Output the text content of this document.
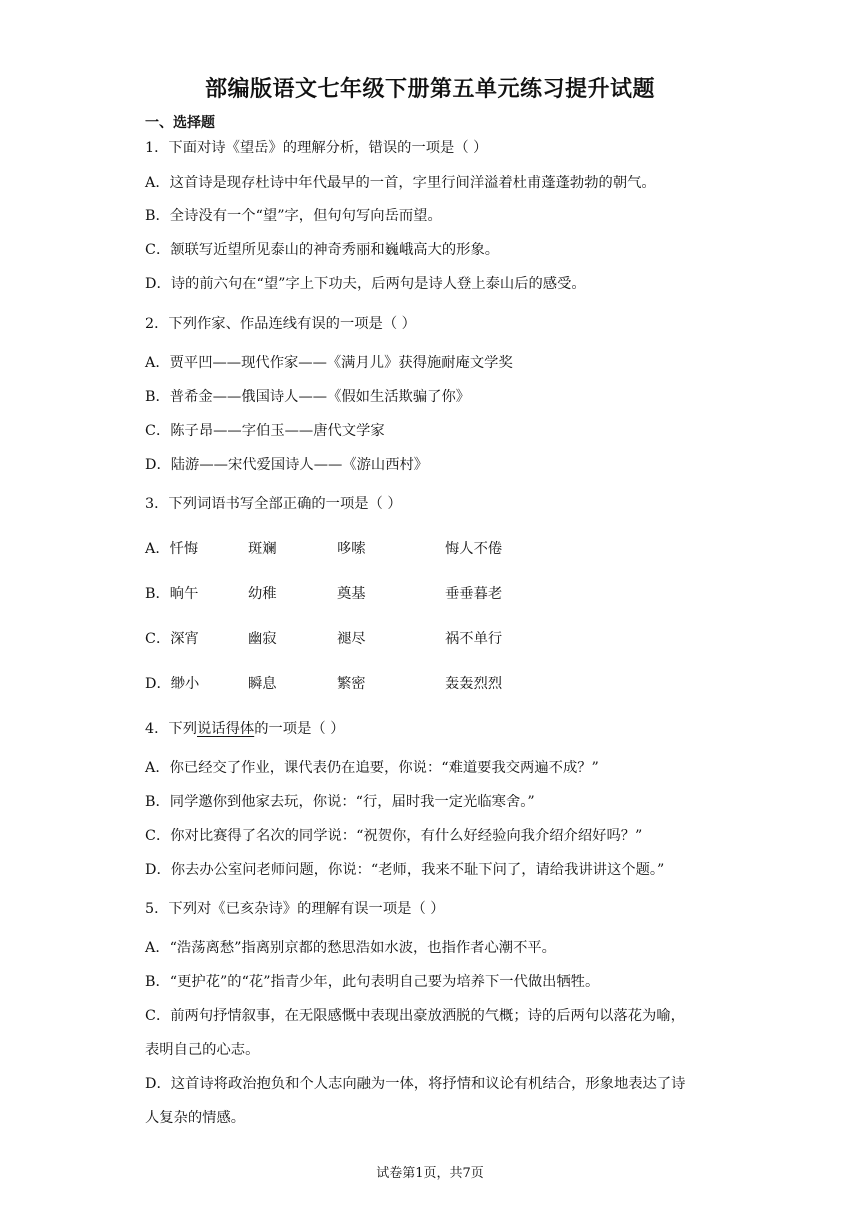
部编版语文七年级下册第五单元练习提升试题
一、选择题
1．下面对诗《望岳》的理解分析，错误的一项是（ ）
A．这首诗是现存杜诗中年代最早的一首，字里行间洋溢着杜甫蓬蓬勃勃的朝气。
B．全诗没有一个“望”字，但句句写向岳而望。
C．颔联写近望所见泰山的神奇秀丽和巍峨高大的形象。
D．诗的前六句在“望”字上下功夫，后两句是诗人登上泰山后的感受。
2．下列作家、作品连线有误的一项是（ ）
A．贾平凹——现代作家——《满月儿》获得施耐庵文学奖
B．普希金——俄国诗人——《假如生活欺骗了你》
C．陈子昂——字伯玉——唐代文学家
D．陆游——宋代爱国诗人——《游山西村》
3．下列词语书写全部正确的一项是（ ）
A．忏悔	斑斓	哆嗦	悔人不倦
B．晌午	幼稚	奠基	垂垂暮老
C．深宵	幽寂	褪尽	祸不单行
D．缈小	瞬息	繁密	轰轰烈烈
4．下列说话得体的一项是（ ）
A．你已经交了作业，课代表仍在追要，你说：“难道要我交两遍不成？”
B．同学邀你到他家去玩，你说：“行，届时我一定光临寒舍。”
C．你对比赛得了名次的同学说：“祝贺你，有什么好经验向我介绍介绍好吗？”
D．你去办公室问老师问题，你说：“老师，我来不耻下问了，请给我讲讲这个题。”
5．下列对《已亥杂诗》的理解有误一项是（ ）
A．“浩荡离愁”指离别京都的愁思浩如水波，也指作者心潮不平。
B．“更护花”的“花”指青少年，此句表明自己要为培养下一代做出牺牲。
C．前两句抒情叙事，在无限感慨中表现出豪放洒脱的气概；诗的后两句以落花为喻，
表明自己的心志。
D．这首诗将政治抱负和个人志向融为一体，将抒情和议论有机结合，形象地表达了诗
人复杂的情感。
试卷第1页，共7页
